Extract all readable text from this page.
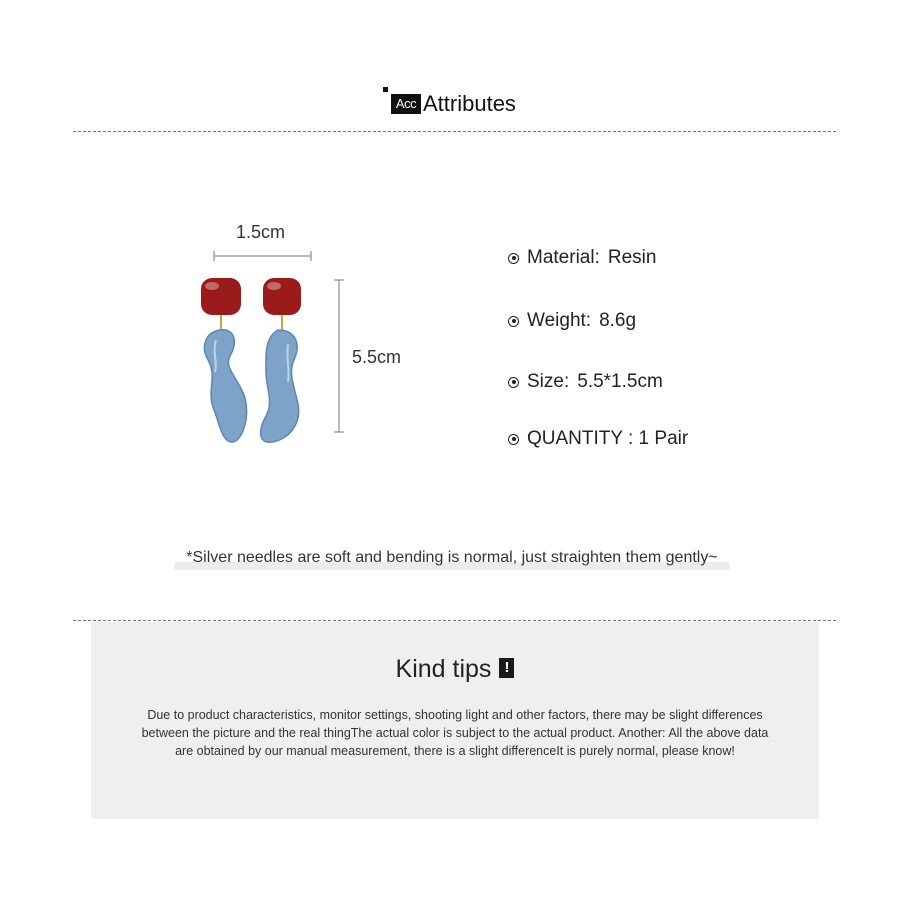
Acc Attributes
1.5cm
5.5cm
Material: Resin
Weight: 8.6g
Size: 5.5*1.5cm
QUANTITY : 1 Pair
*Silver needles are soft and bending is normal, just straighten them gently~
Kind tips !
Due to product characteristics, monitor settings, shooting light and other factors, there may be slight differences between the picture and the real thingThe actual color is subject to the actual product. Another: All the above data are obtained by our manual measurement, there is a slight differenceIt is purely normal, please know!
